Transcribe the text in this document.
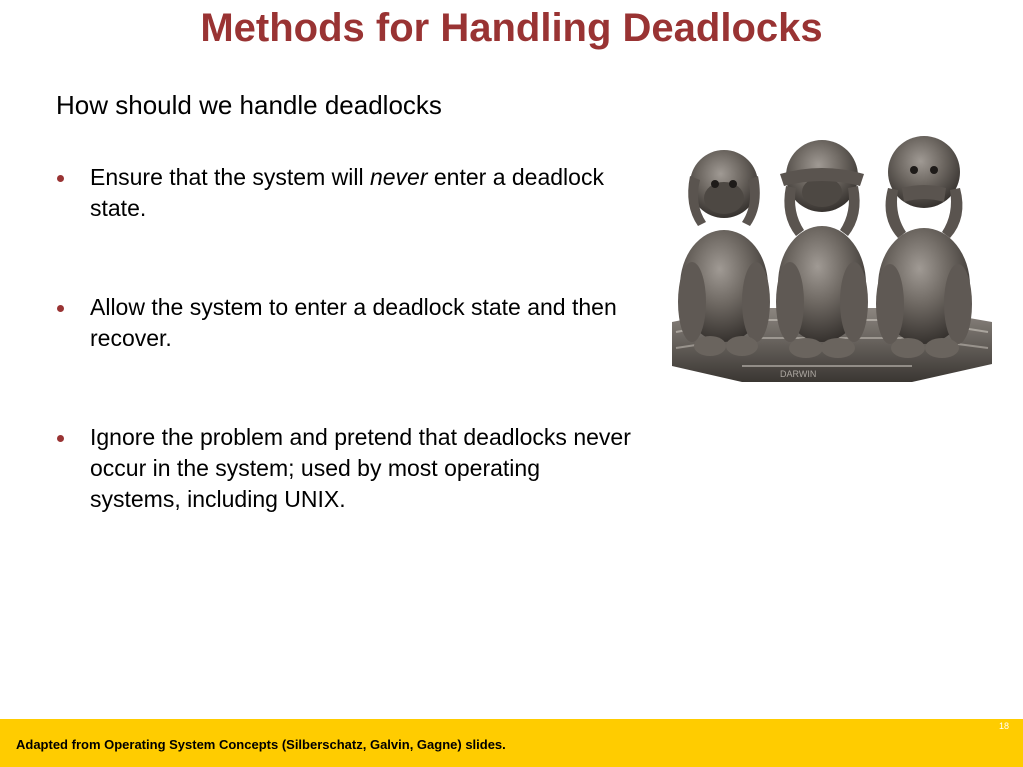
Methods for Handling Deadlocks
How should we handle deadlocks
Ensure that the system will never enter a deadlock state.
Allow the system to enter a deadlock state and then recover.
Ignore the problem and pretend that deadlocks never occur in the system; used by most operating systems, including UNIX.
DARWIN
Adapted from Operating System Concepts (Silberschatz, Galvin, Gagne) slides.
18
